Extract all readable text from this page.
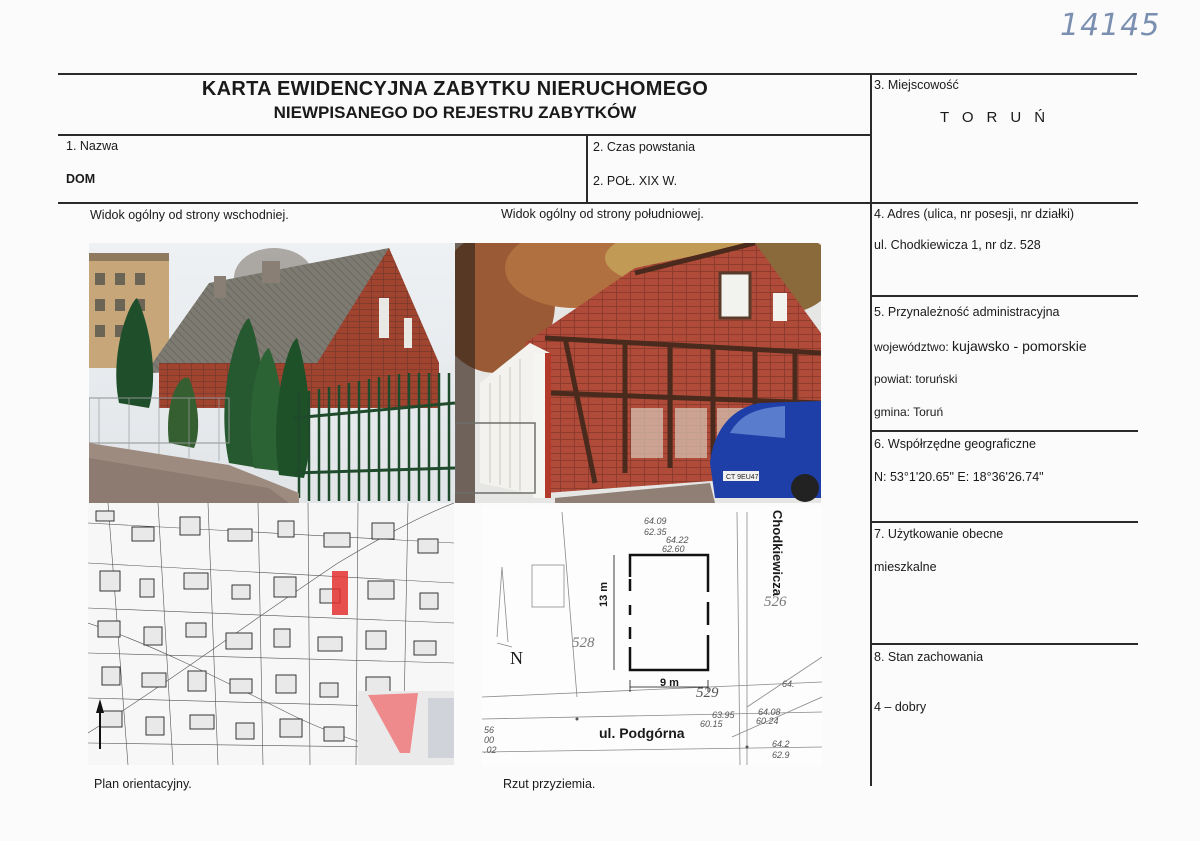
14145
KARTA EWIDENCYJNA ZABYTKU NIERUCHOMEGO
NIEWPISANEGO DO REJESTRU ZABYTKÓW
1. Nazwa
DOM
2. Czas powstania
2. POŁ. XIX W.
3. Miejscowość
TORUŃ
4. Adres (ulica, nr posesji, nr działki)
ul. Chodkiewicza 1, nr dz. 528
5. Przynależność administracyjna
województwo: kujawsko - pomorskie
powiat: toruński
gmina: Toruń
6. Współrzędne geograficzne
N: 53°1'20.65" E: 18°36'26.74"
7. Użytkowanie obecne
mieszkalne
8. Stan zachowania
4 – dobry
Widok ogólny od strony wschodniej.	Widok ogólny od strony południowej.
Plan orientacyjny.	Rzut przyziemia.
13 m
9 m
N
528
529
526
ul. Podgórna
Chodkiewicza
64.09
62.35
64.22
62.60
63.95	64.08
60.15	60.24
64.2
62.9
64.
56
00
.02
CT 9EU47
